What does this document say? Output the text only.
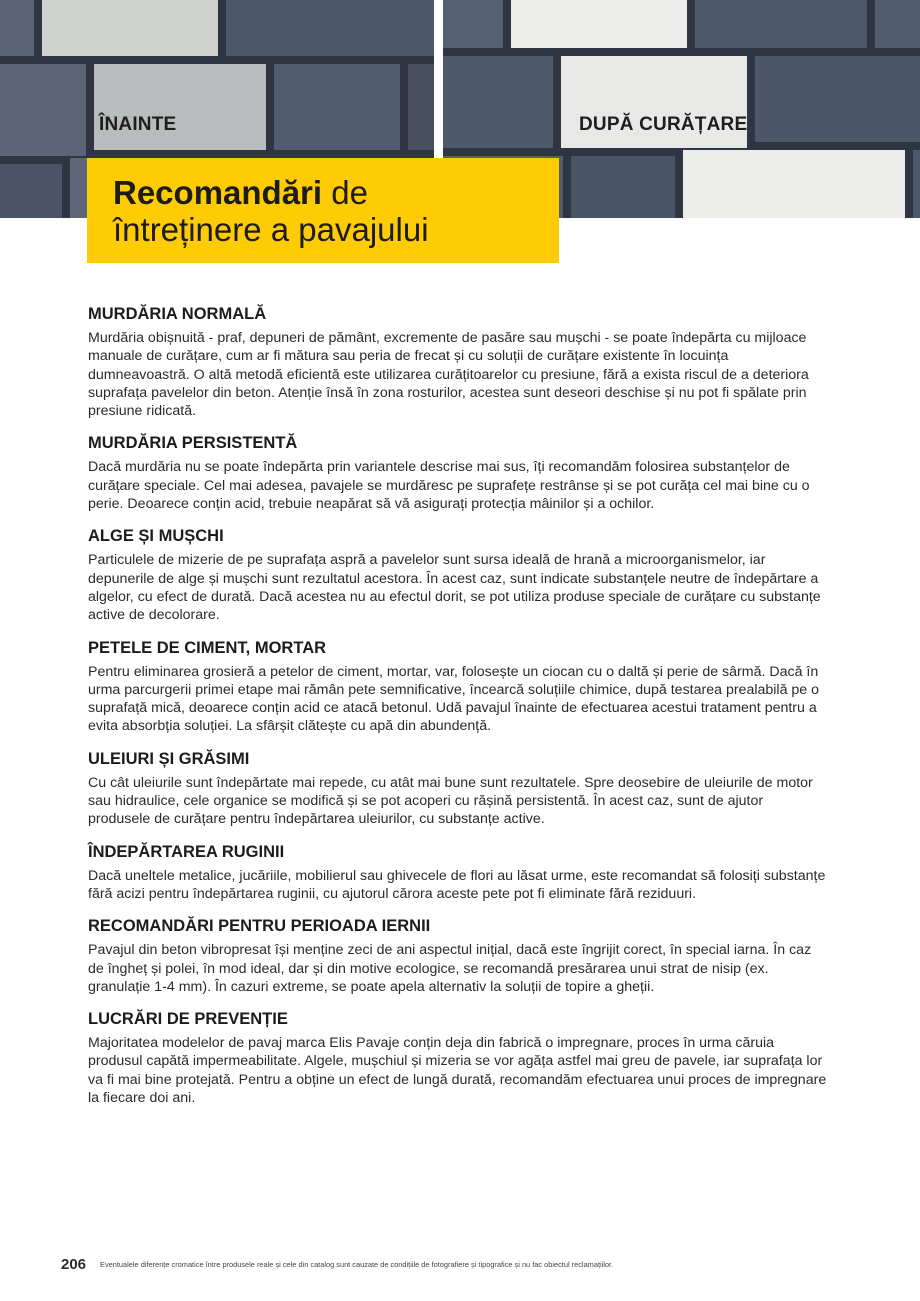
ÎNAINTE	DUPĂ CURĂȚARE
Recomandări de
întreținere a pavajului
MURDĂRIA NORMALĂ

Murdăria obișnuită - praf, depuneri de pământ, excremente de pasăre sau mușchi - se poate îndepărta cu mijloace manuale de curățare, cum ar fi mătura sau peria de frecat și cu soluții de curățare existente în locuința dumneavoastră. O altă metodă eficientă este utilizarea curățitoarelor cu presiune, fără a exista riscul de a deteriora suprafața pavelelor din beton. Atenție însă în zona rosturilor, acestea sunt deseori deschise și nu pot fi spălate prin presiune ridicată.

MURDĂRIA PERSISTENTĂ

Dacă murdăria nu se poate îndepărta prin variantele descrise mai sus, îți recomandăm folosirea substanțelor de curățare speciale. Cel mai adesea, pavajele se murdăresc pe suprafețe restrânse și se pot curăța cel mai bine cu o perie. Deoarece conțin acid, trebuie neapărat să vă asigurați protecția mâinilor și a ochilor.

ALGE ȘI MUȘCHI

Particulele de mizerie de pe suprafața aspră a pavelelor sunt sursa ideală de hrană a microorganismelor, iar depunerile de alge și mușchi sunt rezultatul acestora. În acest caz, sunt indicate substanțele neutre de îndepărtare a algelor, cu efect de durată. Dacă acestea nu au efectul dorit, se pot utiliza produse speciale de curățare cu substanțe active de decolorare.

PETELE DE CIMENT, MORTAR

Pentru eliminarea grosieră a petelor de ciment, mortar, var, folosește un ciocan cu o daltă și perie de sârmă. Dacă în urma parcurgerii primei etape mai rămân pete semnificative, încearcă soluțiile chimice, după testarea prealabilă pe o suprafață mică, deoarece conțin acid ce atacă betonul. Udă pavajul înainte de efectuarea acestui tratament pentru a evita absorbția soluției. La sfârșit clătește cu apă din abundență.

ULEIURI ȘI GRĂSIMI

Cu cât uleiurile sunt îndepărtate mai repede, cu atât mai bune sunt rezultatele. Spre deosebire de uleiurile de motor sau hidraulice, cele organice se modifică și se pot acoperi cu rășină persistentă. În acest caz, sunt de ajutor produsele de curățare pentru îndepărtarea uleiurilor, cu substanțe active.

ÎNDEPĂRTAREA RUGINII

Dacă uneltele metalice, jucăriile, mobilierul sau ghivecele de flori au lăsat urme, este recomandat să folosiți substanțe fără acizi pentru îndepărtarea ruginii, cu ajutorul cărora aceste pete pot fi eliminate fără reziduuri.

RECOMANDĂRI PENTRU PERIOADA IERNII

Pavajul din beton vibropresat își menține zeci de ani aspectul inițial, dacă este îngrijit corect, în special iarna. În caz de îngheț și polei, în mod ideal, dar și din motive ecologice, se recomandă presărarea unui strat de nisip (ex. granulație 1-4 mm). În cazuri extreme, se poate apela alternativ la soluții de topire a gheții.

LUCRĂRI DE PREVENȚIE

Majoritatea modelelor de pavaj marca Elis Pavaje conțin deja din fabrică o impregnare, proces în urma căruia produsul capătă impermeabilitate. Algele, mușchiul și mizeria se vor agăța astfel mai greu de pavele, iar suprafața lor va fi mai bine protejată. Pentru a obține un efect de lungă durată, recomandăm efectuarea unui proces de impregnare la fiecare doi ani.

206 Eventualele diferențe cromatice între produsele reale și cele din catalog sunt cauzate de condițiile de fotografiere și tipografice și nu fac obiectul reclamațiilor.
